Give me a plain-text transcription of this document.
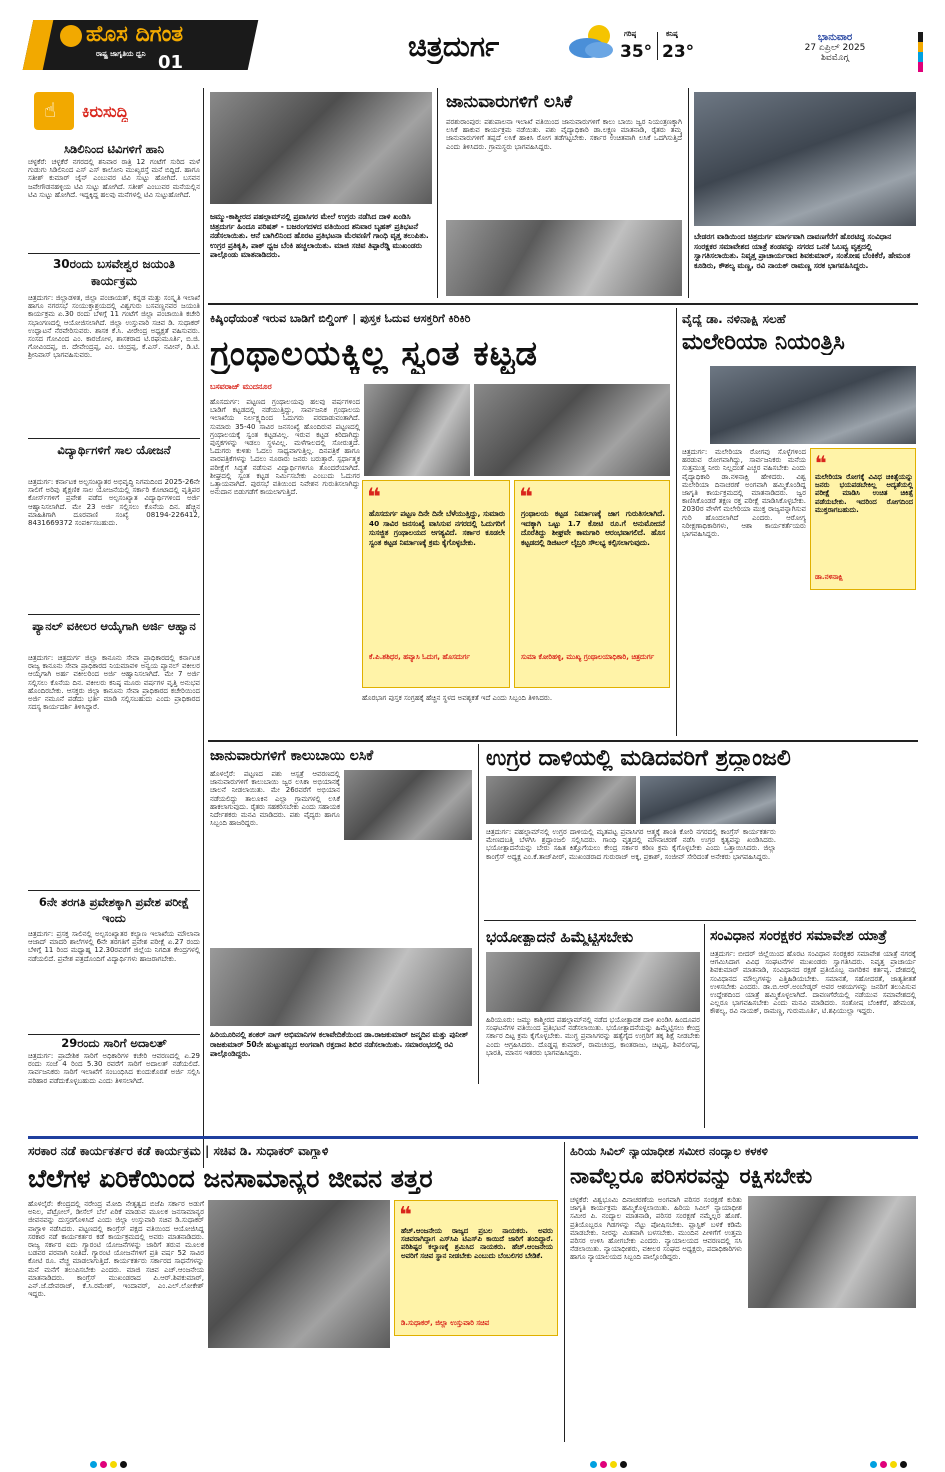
ಹೊಸ ದಿಗಂತ
ರಾಷ್ಟ್ರ ಜಾಗೃತಿಯ ಧ್ವನಿ 01	ಚಿತ್ರದುರ್ಗ	ಗರಿಷ್ಠ
35°
ಕನಿಷ್ಠ
23°
ಭಾನುವಾರ
27 ಏಪ್ರಿಲ್ 2025
ಶಿವಮೊಗ್ಗ
☝ ಕಿರುಸುದ್ದಿ
ಸಿಡಿಲಿನಿಂದ ಟಿವಿಗಳಿಗೆ ಹಾನಿ
ಚಳ್ಳಕೆರೆ: ಚಳ್ಳಕೆರೆ ನಗರದಲ್ಲಿ ಶನಿವಾರ ರಾತ್ರಿ 12 ಗಂಟೆಗೆ ಸುರಿದ ಮಳೆ ಗುಡುಗು ಸಿಡಿಲಿನಿಂದ ಎಸ್ ಎಸ್ ಕಾಲೋನಿ ಮುಖ್ಯರಸ್ತೆ ಮನೆ ಬಿದ್ದಿದೆ. ಹಾಗೂ ಸತೀಶ್ ಕುಮಾರ್ ಜೈನ್ ಎಂಬುವರ ಟಿವಿ ಸುಟ್ಟು ಹೋಗಿದೆ. ಬಸವನ ಜವೇಗೌಡನಹಳ್ಳಿಯ ಟಿವಿ ಸುಟ್ಟು ಹೋಗಿದೆ. ಸತೀಶ್ ಎಂಬುವರ ಮನೆಯಲ್ಲಿನ ಟಿವಿ ಸುಟ್ಟು ಹೋಗಿದೆ. ಇದ್ದಕ್ಕಿದ್ದ ಹಲವು ಮನೆಗಳಲ್ಲಿ ಟಿವಿ ಸುಟ್ಟುಹೋಗಿದೆ.
30ರಂದು ಬಸವೇಶ್ವರ ಜಯಂತಿ ಕಾರ್ಯಕ್ರಮ
ಚಿತ್ರದುರ್ಗ: ಜಿಲ್ಲಾಡಳಿತ, ಜಿಲ್ಲಾ ಪಂಚಾಯತ್, ಕನ್ನಡ ಮತ್ತು ಸಂಸ್ಕೃತಿ ಇಲಾಖೆ ಹಾಗೂ ನಗರಸಭೆ ಸಂಯುಕ್ತಾಶ್ರಯದಲ್ಲಿ ವಿಶ್ವಗುರು ಬಸವಣ್ಣನವರ ಜಯಂತಿ ಕಾರ್ಯಕ್ರಮ ಏ.30 ರಂದು ಬೆಳಿಗ್ಗೆ 11 ಗಂಟೆಗೆ ಜಿಲ್ಲಾ ಪಂಚಾಯಿತಿ ಕಚೇರಿ ಸಭಾಂಗಣದಲ್ಲಿ ಆಯೋಜಿಸಲಾಗಿದೆ. ಜಿಲ್ಲಾ ಉಸ್ತುವಾರಿ ಸಚಿವ ಡಿ. ಸುಧಾಕರ್ ಉದ್ಘಾಟನೆ ನೆರವೇರಿಸುವರು. ಶಾಸಕ ಕೆ.ಸಿ. ವೀರೇಂದ್ರ ಅಧ್ಯಕ್ಷತೆ ವಹಿಸುವರು. ಸಂಸದ ಗೋವಿಂದ ಎಂ. ಕಾರಜೋಳ, ಶಾಸಕರಾದ ಟಿ.ರಘುಮೂರ್ತಿ, ಬಿ.ಜಿ. ಗೋವಿಂದಪ್ಪ, ಬಿ. ದೇವೇಂದ್ರಪ್ಪ, ಎಂ. ಚಂದ್ರಪ್ಪ, ಕೆ.ಎಸ್. ನವೀನ್, ಡಿ.ಟಿ. ಶ್ರೀನಿವಾಸ್ ಭಾಗವಹಿಸುವರು.
ವಿದ್ಯಾರ್ಥಿಗಳಿಗೆ ಸಾಲ ಯೋಜನೆ
ಚಿತ್ರದುರ್ಗ: ಕರ್ನಾಟಕ ಅಲ್ಪಸಂಖ್ಯಾತರ ಅಭಿವೃದ್ಧಿ ನಿಗಮದಿಂದ 2025-26ನೇ ಸಾಲಿಗೆ ಅರಿವು ಶೈಕ್ಷಣಿಕ ಸಾಲ ಯೋಜನೆಯಲ್ಲಿ ಸರ್ಕಾರಿ ಕೋಟಾದಲ್ಲಿ ವೃತ್ತಿಪರ ಕೋರ್ಸ್‌ಗಳಿಗೆ ಪ್ರವೇಶ ಪಡೆದ ಅಲ್ಪಸಂಖ್ಯಾತ ವಿದ್ಯಾರ್ಥಿಗಳಿಂದ ಅರ್ಜಿ ಆಹ್ವಾನಿಸಲಾಗಿದೆ. ಮೇ 23 ಅರ್ಜಿ ಸಲ್ಲಿಸಲು ಕೊನೆಯ ದಿನ. ಹೆಚ್ಚಿನ ಮಾಹಿತಿಗಾಗಿ ದೂರವಾಣಿ ಸಂಖ್ಯೆ 08194-226412, 8431669372 ಸಂಪರ್ಕಿಸಬಹುದು.
ಪ್ಯಾನಲ್ ವಕೀಲರ ಆಯ್ಕೆಗಾಗಿ ಅರ್ಜಿ ಆಹ್ವಾನ
ಚಿತ್ರದುರ್ಗ: ಚಿತ್ರದುರ್ಗ ಜಿಲ್ಲಾ ಕಾನೂನು ಸೇವಾ ಪ್ರಾಧಿಕಾರದಲ್ಲಿ ಕರ್ನಾಟಕ ರಾಜ್ಯ ಕಾನೂನು ಸೇವಾ ಪ್ರಾಧಿಕಾರದ ನಿಯಮಾವಳಿ ಅನ್ವಯ ಪ್ಯಾನಲ್ ವಕೀಲರ ಆಯ್ಕೆಗಾಗಿ ಅರ್ಹ ವಕೀಲರಿಂದ ಅರ್ಜಿ ಆಹ್ವಾನಿಸಲಾಗಿದೆ. ಮೇ 7 ಅರ್ಜಿ ಸಲ್ಲಿಸಲು ಕೊನೆಯ ದಿನ. ವಕೀಲರು ಕನಿಷ್ಠ ಮೂರು ವರ್ಷಗಳ ವೃತ್ತಿ ಅನುಭವ ಹೊಂದಿರಬೇಕು. ಆಸಕ್ತರು ಜಿಲ್ಲಾ ಕಾನೂನು ಸೇವಾ ಪ್ರಾಧಿಕಾರದ ಕಚೇರಿಯಿಂದ ಅರ್ಜಿ ನಮೂನೆ ಪಡೆದು ಭರ್ತಿ ಮಾಡಿ ಸಲ್ಲಿಸಬಹುದು ಎಂದು ಪ್ರಾಧಿಕಾರದ ಸದಸ್ಯ ಕಾರ್ಯದರ್ಶಿ ತಿಳಿಸಿದ್ದಾರೆ.
6ನೇ ತರಗತಿ ಪ್ರವೇಶಕ್ಕಾಗಿ ಪ್ರವೇಶ ಪರೀಕ್ಷೆ ಇಂದು
ಚಿತ್ರದುರ್ಗ: ಪ್ರಸಕ್ತ ಸಾಲಿನಲ್ಲಿ ಅಲ್ಪಸಂಖ್ಯಾತರ ಕಲ್ಯಾಣ ಇಲಾಖೆಯ ಮೌಲಾನಾ ಆಜಾದ್ ಮಾದರಿ ಶಾಲೆಗಳಲ್ಲಿ 6ನೇ ತರಗತಿಗೆ ಪ್ರವೇಶ ಪರೀಕ್ಷೆ ಏ.27 ರಂದು ಬೆಳಿಗ್ಗೆ 11 ರಿಂದ ಮಧ್ಯಾಹ್ನ 12.30ರವರೆಗೆ ಜಿಲ್ಲೆಯ ನಿಗದಿತ ಕೇಂದ್ರಗಳಲ್ಲಿ ನಡೆಯಲಿದೆ. ಪ್ರವೇಶ ಪತ್ರದೊಂದಿಗೆ ವಿದ್ಯಾರ್ಥಿಗಳು ಹಾಜರಾಗಬೇಕು.
29ರಂದು ಸಾರಿಗೆ ಅದಾಲತ್
ಚಿತ್ರದುರ್ಗ: ಪ್ರಾದೇಶಿಕ ಸಾರಿಗೆ ಅಧಿಕಾರಿಗಳ ಕಚೇರಿ ಆವರಣದಲ್ಲಿ ಏ.29 ರಂದು ಸಂಜೆ 4 ರಿಂದ 5.30 ರವರೆಗೆ ಸಾರಿಗೆ ಅದಾಲತ್ ನಡೆಯಲಿದೆ. ಸಾರ್ವಜನಿಕರು ಸಾರಿಗೆ ಇಲಾಖೆಗೆ ಸಂಬಂಧಿಸಿದ ಕುಂದುಕೊರತೆ ಅರ್ಜಿ ಸಲ್ಲಿಸಿ ಪರಿಹಾರ ಪಡೆದುಕೊಳ್ಳಬಹುದು ಎಂದು ತಿಳಿಸಲಾಗಿದೆ.
ಜಮ್ಮು-ಕಾಶ್ಮೀರದ ಪಹಲ್ಗಾಮ್‌ನಲ್ಲಿ ಪ್ರವಾಸಿಗರ ಮೇಲೆ ಉಗ್ರರು ನಡೆಸಿದ ದಾಳಿ ಖಂಡಿಸಿ ಚಿತ್ರದುರ್ಗ ಹಿಂದೂ ಪರಿಷತ್ - ಬಜರಂಗದಳದ ವತಿಯಿಂದ ಶನಿವಾರ ಬೃಹತ್ ಪ್ರತಿಭಟನೆ ನಡೆಸಲಾಯಿತು. ಆನೆ ಬಾಗಿಲಿನಿಂದ ಹೊರಟ ಪ್ರತಿಭಟನಾ ಮೆರವಣಿಗೆ ಗಾಂಧಿ ವೃತ್ತ ತಲುಪಿತು. ಉಗ್ರರ ಪ್ರತಿಕೃತಿ, ಪಾಕ್ ಧ್ವಜ ಬೆಂಕಿ ಹಚ್ಚಲಾಯಿತು. ಮಾಜಿ ಸಚಿವ ತಿಪ್ಪಾರೆಡ್ಡಿ ಮುಖಂಡರು ಪಾಲ್ಗೊಂಡು ಮಾತನಾಡಿದರು.
ಜಾನುವಾರುಗಳಿಗೆ ಲಸಿಕೆ
ಪರಶುರಾಂಪುರ: ಪಶುಪಾಲನಾ ಇಲಾಖೆ ವತಿಯಿಂದ ಜಾನುವಾರುಗಳಿಗೆ ಕಾಲು ಬಾಯಿ ಜ್ವರ ನಿಯಂತ್ರಣಕ್ಕಾಗಿ ಲಸಿಕೆ ಹಾಕುವ ಕಾರ್ಯಕ್ರಮ ನಡೆಯಿತು. ಪಶು ವೈದ್ಯಾಧಿಕಾರಿ ಡಾ.ಲಕ್ಷ್ಮಣ ಮಾತನಾಡಿ, ರೈತರು ತಮ್ಮ ಜಾನುವಾರುಗಳಿಗೆ ತಪ್ಪದೆ ಲಸಿಕೆ ಹಾಕಿಸಿ ರೋಗ ತಡೆಗಟ್ಟಬೇಕು. ಸರ್ಕಾರ ಉಚಿತವಾಗಿ ಲಸಿಕೆ ಒದಗಿಸುತ್ತಿದೆ ಎಂದು ತಿಳಿಸಿದರು. ಗ್ರಾಮಸ್ಥರು ಭಾಗವಹಿಸಿದ್ದರು.
ಬೇಡರಗ ವಾಡಿಯಿಂದ ಚಿತ್ರದುರ್ಗ ಮಾರ್ಗವಾಗಿ ದಾವಣಗೆರೆಗೆ ಹೊರಟಿದ್ದ ಸಂವಿಧಾನ ಸಂರಕ್ಷಕರ ಸಮಾವೇಶದ ಯಾತ್ರೆ ತಂಡವನ್ನು ನಗರದ ಒನಕೆ ಓಬವ್ವ ವೃತ್ತದಲ್ಲಿ ಸ್ವಾಗತಿಸಲಾಯಿತು. ನಿವೃತ್ತ ಪ್ರಾಚಾರ್ಯರಾದ ಶಿವಕುಮಾರ್, ಸಂತೋಷ ಬೆಂಕಿಕೆರೆ, ಹೇಮಂತ ಕೂಡಿರು, ಕೌಶಲ್ಯ ಮಣ್ಣ, ರವಿ ನಾಯಕ್ ರಾಮಣ್ಣ ಸರಕ ಭಾಗವಹಿಸಿದ್ದರು.
ಕಿಷ್ಕಿಂಧೆಯಂತೆ ಇರುವ ಬಾಡಿಗೆ ಬಿಲ್ಡಿಂಗ್ | ಪುಸ್ತಕ ಓದುವ ಆಸಕ್ತರಿಗೆ ಕಿರಿಕಿರಿ
ಗ್ರಂಥಾಲಯಕ್ಕಿಲ್ಲ ಸ್ವಂತ ಕಟ್ಟಡ
ಬಸವರಾಜ್ ಮುದನೂರ
ಹೊಸದುರ್ಗ: ಪಟ್ಟಣದ ಗ್ರಂಥಾಲಯವು ಹಲವು ವರ್ಷಗಳಿಂದ ಬಾಡಿಗೆ ಕಟ್ಟಡದಲ್ಲಿ ನಡೆಯುತ್ತಿದ್ದು, ಸಾರ್ವಜನಿಕ ಗ್ರಂಥಾಲಯ ಇಲಾಖೆಯ ನಿರ್ಲಕ್ಷ್ಯದಿಂದ ಓದುಗರು ಪರದಾಡುವಂತಾಗಿದೆ. ಸುಮಾರು 35-40 ಸಾವಿರ ಜನಸಂಖ್ಯೆ ಹೊಂದಿರುವ ಪಟ್ಟಣದಲ್ಲಿ ಗ್ರಂಥಾಲಯಕ್ಕೆ ಸ್ವಂತ ಕಟ್ಟಡವಿಲ್ಲ. ಇರುವ ಕಟ್ಟಡ ಕಿರಿದಾಗಿದ್ದು ಪುಸ್ತಕಗಳನ್ನು ಇಡಲು ಸ್ಥಳವಿಲ್ಲ. ಮಳೆಗಾಲದಲ್ಲಿ ಸೋರುತ್ತದೆ. ಓದುಗರು ಕುಳಿತು ಓದಲು ಸಾಧ್ಯವಾಗುತ್ತಿಲ್ಲ. ದಿನಪತ್ರಿಕೆ ಹಾಗೂ ವಾರಪತ್ರಿಕೆಗಳನ್ನು ಓದಲು ನೂರಾರು ಜನರು ಬರುತ್ತಾರೆ. ಸ್ಪರ್ಧಾತ್ಮಕ ಪರೀಕ್ಷೆಗೆ ಸಿದ್ಧತೆ ನಡೆಸುವ ವಿದ್ಯಾರ್ಥಿಗಳಿಗೂ ತೊಂದರೆಯಾಗಿದೆ. ಶೀಘ್ರದಲ್ಲಿ ಸ್ವಂತ ಕಟ್ಟಡ ನಿರ್ಮಿಸಬೇಕು ಎಂಬುದು ಓದುಗರ ಒತ್ತಾಯವಾಗಿದೆ. ಪುರಸಭೆ ವತಿಯಿಂದ ನಿವೇಶನ ಗುರುತಿಸಲಾಗಿದ್ದು ಅನುದಾನ ಬಿಡುಗಡೆಗೆ ಕಾಯಲಾಗುತ್ತಿದೆ.	❝
ಹೊಸದುರ್ಗ ಪಟ್ಟಣ ದಿನೇ ದಿನೇ ಬೆಳೆಯುತ್ತಿದ್ದು, ಸುಮಾರು 40 ಸಾವಿರ ಜನಸಂಖ್ಯೆ ವಾಸಿಸುವ ನಗರದಲ್ಲಿ ಓದುಗರಿಗೆ ಸುಸಜ್ಜಿತ ಗ್ರಂಥಾಲಯದ ಅಗತ್ಯವಿದೆ. ಸರ್ಕಾರ ಕೂಡಲೇ ಸ್ವಂತ ಕಟ್ಟಡ ನಿರ್ಮಾಣಕ್ಕೆ ಕ್ರಮ ಕೈಗೊಳ್ಳಬೇಕು.
ಕೆ.ಪಿ.ಶಶಿಧರ, ಹವ್ಯಾಸಿ ಓದುಗ, ಹೊಸದುರ್ಗ
❝
ಗ್ರಂಥಾಲಯ ಕಟ್ಟಡ ನಿರ್ಮಾಣಕ್ಕೆ ಜಾಗ ಗುರುತಿಸಲಾಗಿದೆ. ಇದಕ್ಕಾಗಿ ಒಟ್ಟು 1.7 ಕೋಟಿ ರೂ.ಗೆ ಅನುಮೋದನೆ ದೊರೆತಿದ್ದು ಶೀಘ್ರವೇ ಕಾಮಗಾರಿ ಆರಂಭವಾಗಲಿದೆ. ಹೊಸ ಕಟ್ಟಡದಲ್ಲಿ ಡಿಜಿಟಲ್ ಲೈಬ್ರರಿ ಸೌಲಭ್ಯ ಕಲ್ಪಿಸಲಾಗುವುದು.
ಸುಮಾ ಕೋರಿಹಳ್ಳಿ, ಮುಖ್ಯ ಗ್ರಂಥಾಲಯಾಧಿಕಾರಿ, ಚಿತ್ರದುರ್ಗ
ಹೊರಭಾಗ ಪುಸ್ತಕ ಸಂಗ್ರಹಕ್ಕೆ ಹೆಚ್ಚಿನ ಸ್ಥಳದ ಅವಶ್ಯಕತೆ ಇದೆ ಎಂದು ಸಿಬ್ಬಂದಿ ತಿಳಿಸಿದರು.
ವೈದ್ಯೆ ಡಾ. ನಳಿನಾಕ್ಷಿ ಸಲಹೆ
ಮಲೇರಿಯಾ ನಿಯಂತ್ರಿಸಿ
ಚಿತ್ರದುರ್ಗ: ಮಲೇರಿಯಾ ರೋಗವು ಸೊಳ್ಳೆಗಳಿಂದ ಹರಡುವ ರೋಗವಾಗಿದ್ದು, ಸಾರ್ವಜನಿಕರು ಮನೆಯ ಸುತ್ತಮುತ್ತ ನೀರು ನಿಲ್ಲದಂತೆ ಎಚ್ಚರ ವಹಿಸಬೇಕು ಎಂದು ವೈದ್ಯಾಧಿಕಾರಿ ಡಾ.ನಳಿನಾಕ್ಷಿ ಹೇಳಿದರು. ವಿಶ್ವ ಮಲೇರಿಯಾ ದಿನಾಚರಣೆ ಅಂಗವಾಗಿ ಹಮ್ಮಿಕೊಂಡಿದ್ದ ಜಾಗೃತಿ ಕಾರ್ಯಕ್ರಮದಲ್ಲಿ ಮಾತನಾಡಿದರು. ಜ್ವರ ಕಾಣಿಸಿಕೊಂಡರೆ ತಕ್ಷಣ ರಕ್ತ ಪರೀಕ್ಷೆ ಮಾಡಿಸಿಕೊಳ್ಳಬೇಕು. 2030ರ ವೇಳೆಗೆ ಮಲೇರಿಯಾ ಮುಕ್ತ ರಾಜ್ಯವನ್ನಾಗಿಸುವ ಗುರಿ ಹೊಂದಲಾಗಿದೆ ಎಂದರು. ಆರೋಗ್ಯ ನಿರೀಕ್ಷಣಾಧಿಕಾರಿಗಳು, ಆಶಾ ಕಾರ್ಯಕರ್ತೆಯರು ಭಾಗವಹಿಸಿದ್ದರು.
❝
ಮಲೇರಿಯಾ ರೋಗಕ್ಕೆ ವಿವಿಧ ಚಿಕಿತ್ಸೆಯನ್ನು ಜನರು ಭಯಪಡಬೇಕಿಲ್ಲ ಆದ್ಯತೆಯಲ್ಲಿ ಪರೀಕ್ಷೆ ಮಾಡಿಸಿ ಉಚಿತ ಚಿಕಿತ್ಸೆ ಪಡೆಯಬೇಕು. ಇದರಿಂದ ರೋಗದಿಂದ ಮುಕ್ತರಾಗಬಹುದು.
ಡಾ.ನಳಿನಾಕ್ಷಿ
ಜಾನುವಾರುಗಳಿಗೆ ಕಾಲುಬಾಯಿ ಲಸಿಕೆ
ಹೊಳಲ್ಕೆರೆ: ಪಟ್ಟಣದ ಪಶು ಆಸ್ಪತ್ರೆ ಆವರಣದಲ್ಲಿ ಜಾನುವಾರುಗಳಿಗೆ ಕಾಲುಬಾಯಿ ಜ್ವರ ಲಸಿಕಾ ಅಭಿಯಾನಕ್ಕೆ ಚಾಲನೆ ನೀಡಲಾಯಿತು. ಮೇ 26ರವರೆಗೆ ಅಭಿಯಾನ ನಡೆಯಲಿದ್ದು ತಾಲೂಕಿನ ಎಲ್ಲಾ ಗ್ರಾಮಗಳಲ್ಲಿ ಲಸಿಕೆ ಹಾಕಲಾಗುವುದು. ರೈತರು ಸಹಕರಿಸಬೇಕು ಎಂದು ಸಹಾಯಕ ನಿರ್ದೇಶಕರು ಮನವಿ ಮಾಡಿದರು. ಪಶು ವೈದ್ಯರು ಹಾಗೂ ಸಿಬ್ಬಂದಿ ಹಾಜರಿದ್ದರು.
ಹಿರಿಯೂರಿನಲ್ಲಿ ಶಂಕರ್ ನಾಗ್ ಅಭಿಮಾನಿಗಳ ಕಲಾವೇದಿಕೆಯಿಂದ ಡಾ.ರಾಜಕುಮಾರ್ ಜನ್ಮದಿನ ಮತ್ತು ಪುನೀತ್ ರಾಜಕುಮಾರ್ 50ನೇ ಹುಟ್ಟುಹಬ್ಬದ ಅಂಗವಾಗಿ ರಕ್ತದಾನ ಶಿಬಿರ ನಡೆಸಲಾಯಿತು. ಸಮಾರಂಭದಲ್ಲಿ ರವಿ ಪಾಲ್ಗೊಂಡಿದ್ದರು.
ಉಗ್ರರ ದಾಳಿಯಲ್ಲಿ ಮಡಿದವರಿಗೆ ಶ್ರದ್ಧಾಂಜಲಿ
ಚಿತ್ರದುರ್ಗ: ಪಹಲ್ಗಾಮ್‌ನಲ್ಲಿ ಉಗ್ರರ ದಾಳಿಯಲ್ಲಿ ಮೃತಪಟ್ಟ ಪ್ರವಾಸಿಗರ ಆತ್ಮಕ್ಕೆ ಶಾಂತಿ ಕೋರಿ ನಗರದಲ್ಲಿ ಕಾಂಗ್ರೆಸ್ ಕಾರ್ಯಕರ್ತರು ಮೇಣದಬತ್ತಿ ಬೆಳಗಿಸಿ ಶ್ರದ್ಧಾಂಜಲಿ ಸಲ್ಲಿಸಿದರು. ಗಾಂಧಿ ವೃತ್ತದಲ್ಲಿ ಮೌನಾಚರಣೆ ನಡೆಸಿ ಉಗ್ರರ ಕೃತ್ಯವನ್ನು ಖಂಡಿಸಿದರು. ಭಯೋತ್ಪಾದನೆಯನ್ನು ಬೇರು ಸಹಿತ ಕಿತ್ತೊಗೆಯಲು ಕೇಂದ್ರ ಸರ್ಕಾರ ಕಠಿಣ ಕ್ರಮ ಕೈಗೊಳ್ಳಬೇಕು ಎಂದು ಒತ್ತಾಯಿಸಿದರು. ಜಿಲ್ಲಾ ಕಾಂಗ್ರೆಸ್ ಅಧ್ಯಕ್ಷ ಎಂ.ಕೆ.ತಾಜ್‌ಪೀರ್, ಮುಖಂಡರಾದ ಗುರುರಾಜ್ ಅಕ್ಕ, ಪ್ರಕಾಶ್, ಸಂಜೀವ್ ಸೇರಿದಂತೆ ಅನೇಕರು ಭಾಗವಹಿಸಿದ್ದರು.
ಭಯೋತ್ಪಾದನೆ ಹಿಮ್ಮೆಟ್ಟಿಸಬೇಕು
ಹಿರಿಯೂರು: ಜಮ್ಮು ಕಾಶ್ಮೀರದ ಪಹಲ್ಗಾಮ್‌ನಲ್ಲಿ ನಡೆದ ಭಯೋತ್ಪಾದಕ ದಾಳಿ ಖಂಡಿಸಿ ಹಿಂದೂಪರ ಸಂಘಟನೆಗಳ ವತಿಯಿಂದ ಪ್ರತಿಭಟನೆ ನಡೆಸಲಾಯಿತು. ಭಯೋತ್ಪಾದನೆಯನ್ನು ಹಿಮ್ಮೆಟ್ಟಿಸಲು ಕೇಂದ್ರ ಸರ್ಕಾರ ದಿಟ್ಟ ಕ್ರಮ ಕೈಗೊಳ್ಳಬೇಕು. ಮುಗ್ಧ ಪ್ರವಾಸಿಗರನ್ನು ಹತ್ಯೆಗೈದ ಉಗ್ರರಿಗೆ ತಕ್ಕ ಶಿಕ್ಷೆ ನೀಡಬೇಕು ಎಂದು ಆಗ್ರಹಿಸಿದರು. ದೊಡ್ಡಪ್ಪ ಕುಮಾರ್, ರಾಮಚಂದ್ರ, ಕಾಂತರಾಜು, ಚಿಟ್ಟಪ್ಪ, ಶಿವಲಿಂಗಪ್ಪ, ಭಾರತಿ, ಮಾನಸ ಇತರರು ಭಾಗವಹಿಸಿದ್ದರು.
ಸಂವಿಧಾನ ಸಂರಕ್ಷಕರ ಸಮಾವೇಶ ಯಾತ್ರೆ
ಚಿತ್ರದುರ್ಗ: ಬೀದರ್ ಜಿಲ್ಲೆಯಿಂದ ಹೊರಟ ಸಂವಿಧಾನ ಸಂರಕ್ಷಕರ ಸಮಾವೇಶ ಯಾತ್ರೆ ನಗರಕ್ಕೆ ಆಗಮಿಸಿದಾಗ ವಿವಿಧ ಸಂಘಟನೆಗಳ ಮುಖಂಡರು ಸ್ವಾಗತಿಸಿದರು. ನಿವೃತ್ತ ಪ್ರಾಚಾರ್ಯ ಶಿವಕುಮಾರ್ ಮಾತನಾಡಿ, ಸಂವಿಧಾನದ ರಕ್ಷಣೆ ಪ್ರತಿಯೊಬ್ಬ ನಾಗರಿಕನ ಕರ್ತವ್ಯ. ದೇಶದಲ್ಲಿ ಸಂವಿಧಾನದ ಮೌಲ್ಯಗಳನ್ನು ಎತ್ತಿಹಿಡಿಯಬೇಕು. ಸಮಾನತೆ, ಸಹೋದರತೆ, ಜಾತ್ಯತೀತತೆ ಉಳಿಸಬೇಕು ಎಂದರು. ಡಾ.ಬಿ.ಆರ್.ಅಂಬೇಡ್ಕರ್ ಅವರ ಆಶಯಗಳನ್ನು ಜನರಿಗೆ ತಲುಪಿಸುವ ಉದ್ದೇಶದಿಂದ ಯಾತ್ರೆ ಹಮ್ಮಿಕೊಳ್ಳಲಾಗಿದೆ. ದಾವಣಗೆರೆಯಲ್ಲಿ ನಡೆಯುವ ಸಮಾವೇಶದಲ್ಲಿ ಎಲ್ಲರೂ ಭಾಗವಹಿಸಬೇಕು ಎಂದು ಮನವಿ ಮಾಡಿದರು. ಸಂತೋಷ ಬೆಂಕಿಕೆರೆ, ಹೇಮಂತ, ಕೌಶಲ್ಯ, ರವಿ ನಾಯಕ್, ರಾಮಣ್ಣ, ಗುರುಮೂರ್ತಿ, ಟಿ.ಶಫಿಯುಲ್ಲಾ ಇದ್ದರು.
ಸರಕಾರ ನಡೆ ಕಾರ್ಯಕರ್ತರ ಕಡೆ ಕಾರ್ಯಕ್ರಮ | ಸಚಿವ ಡಿ. ಸುಧಾಕರ್ ವಾಗ್ದಾಳಿ
ಬೆಲೆಗಳ ಏರಿಕೆಯಿಂದ ಜನಸಾಮಾನ್ಯರ ಜೀವನ ತತ್ತರ
ಹೊಳಲ್ಕೆರೆ: ಕೇಂದ್ರದಲ್ಲಿ ನರೇಂದ್ರ ಮೋದಿ ನೇತೃತ್ವದ ಬಿಜೆಪಿ ಸರ್ಕಾರ ಅಡುಗೆ ಅನಿಲ, ಪೆಟ್ರೋಲ್, ಡೀಸೆಲ್ ಬೆಲೆ ಏರಿಕೆ ಮಾಡುವ ಮೂಲಕ ಜನಸಾಮಾನ್ಯರ ಜೀವನವನ್ನು ದುಸ್ತರಗೊಳಿಸಿದೆ ಎಂದು ಜಿಲ್ಲಾ ಉಸ್ತುವಾರಿ ಸಚಿವ ಡಿ.ಸುಧಾಕರ್ ವಾಗ್ದಾಳಿ ನಡೆಸಿದರು. ಪಟ್ಟಣದಲ್ಲಿ ಕಾಂಗ್ರೆಸ್ ಪಕ್ಷದ ವತಿಯಿಂದ ಆಯೋಜಿಸಿದ್ದ ಸರಕಾರ ನಡೆ ಕಾರ್ಯಕರ್ತರ ಕಡೆ ಕಾರ್ಯಕ್ರಮದಲ್ಲಿ ಅವರು ಮಾತನಾಡಿದರು. ರಾಜ್ಯ ಸರ್ಕಾರ ಐದು ಗ್ಯಾರಂಟಿ ಯೋಜನೆಗಳನ್ನು ಜಾರಿಗೆ ತರುವ ಮೂಲಕ ಬಡವರ ಪರವಾಗಿ ನಿಂತಿದೆ. ಗ್ಯಾರಂಟಿ ಯೋಜನೆಗಳಿಗೆ ಪ್ರತಿ ವರ್ಷ 52 ಸಾವಿರ ಕೋಟಿ ರೂ. ವೆಚ್ಚ ಮಾಡಲಾಗುತ್ತಿದೆ. ಕಾರ್ಯಕರ್ತರು ಸರ್ಕಾರದ ಸಾಧನೆಗಳನ್ನು ಮನೆ ಮನೆಗೆ ತಲುಪಿಸಬೇಕು ಎಂದರು. ಮಾಜಿ ಸಚಿವ ಎಚ್.ಆಂಜನೇಯ ಮಾತನಾಡಿದರು. ಕಾಂಗ್ರೆಸ್ ಮುಖಂಡರಾದ ಪಿ.ಆರ್.ಶಿವಕುಮಾರ್, ಎನ್.ಜೆ.ದೇವರಾಜ್, ಕೆ.ಸಿ.ರಮೇಶ್, ಇಂದಾವರ್, ಎಂ.ಎಲ್.ಲೋಕೇಶ್ ಇದ್ದರು.
❝
ಹೆಚ್.ಆಂಜನೇಯ ರಾಜ್ಯದ ಪ್ರಬಲ ನಾಯಕರು. ಅವರು ಸಚಿವರಾಗಿದ್ದಾಗ ಎಸ್‌ಸಿಪಿ ಟಿಎಸ್‌ಪಿ ಕಾಯಿದೆ ಜಾರಿಗೆ ತಂದಿದ್ದಾರೆ. ಪರಿಶಿಷ್ಟರ ಕಲ್ಯಾಣಕ್ಕೆ ಶ್ರಮಿಸಿದ ನಾಯಕರು. ಹೆಚ್.ಆಂಜನೇಯ ಅವರಿಗೆ ಸಚಿವ ಸ್ಥಾನ ನೀಡಬೇಕು ಎಂಬುದು ಬೆಂಬಲಿಗರ ಬೇಡಿಕೆ.
ಡಿ.ಸುಧಾಕರ್, ಜಿಲ್ಲಾ ಉಸ್ತುವಾರಿ ಸಚಿವ
ಹಿರಿಯ ಸಿವಿಲ್ ನ್ಯಾಯಾಧೀಶ ಸಮೀರ ನಂದ್ಯಾಲ ಕಳಕಳಿ
ನಾವೆಲ್ಲರೂ ಪರಿಸರವನ್ನು ರಕ್ಷಿಸಬೇಕು
ಚಳ್ಳಕೆರೆ: ವಿಶ್ವಭೂಮಿ ದಿನಾಚರಣೆಯ ಅಂಗವಾಗಿ ಪರಿಸರ ಸಂರಕ್ಷಣೆ ಕುರಿತು ಜಾಗೃತಿ ಕಾರ್ಯಕ್ರಮ ಹಮ್ಮಿಕೊಳ್ಳಲಾಯಿತು. ಹಿರಿಯ ಸಿವಿಲ್ ನ್ಯಾಯಾಧೀಶ ಸಮೀರ ಪಿ. ನಂದ್ಯಾಲ ಮಾತನಾಡಿ, ಪರಿಸರ ಸಂರಕ್ಷಣೆ ನಮ್ಮೆಲ್ಲರ ಹೊಣೆ. ಪ್ರತಿಯೊಬ್ಬರೂ ಗಿಡಗಳನ್ನು ನೆಟ್ಟು ಪೋಷಿಸಬೇಕು. ಪ್ಲಾಸ್ಟಿಕ್ ಬಳಕೆ ಕಡಿಮೆ ಮಾಡಬೇಕು. ನೀರನ್ನು ಮಿತವಾಗಿ ಬಳಸಬೇಕು. ಮುಂದಿನ ಪೀಳಿಗೆಗೆ ಉತ್ತಮ ಪರಿಸರ ಉಳಿಸಿ ಹೋಗಬೇಕು ಎಂದರು. ನ್ಯಾಯಾಲಯದ ಆವರಣದಲ್ಲಿ ಸಸಿ ನೆಡಲಾಯಿತು. ನ್ಯಾಯಾಧೀಶರು, ವಕೀಲರ ಸಂಘದ ಅಧ್ಯಕ್ಷರು, ಪದಾಧಿಕಾರಿಗಳು ಹಾಗೂ ನ್ಯಾಯಾಲಯದ ಸಿಬ್ಬಂದಿ ಪಾಲ್ಗೊಂಡಿದ್ದರು.
